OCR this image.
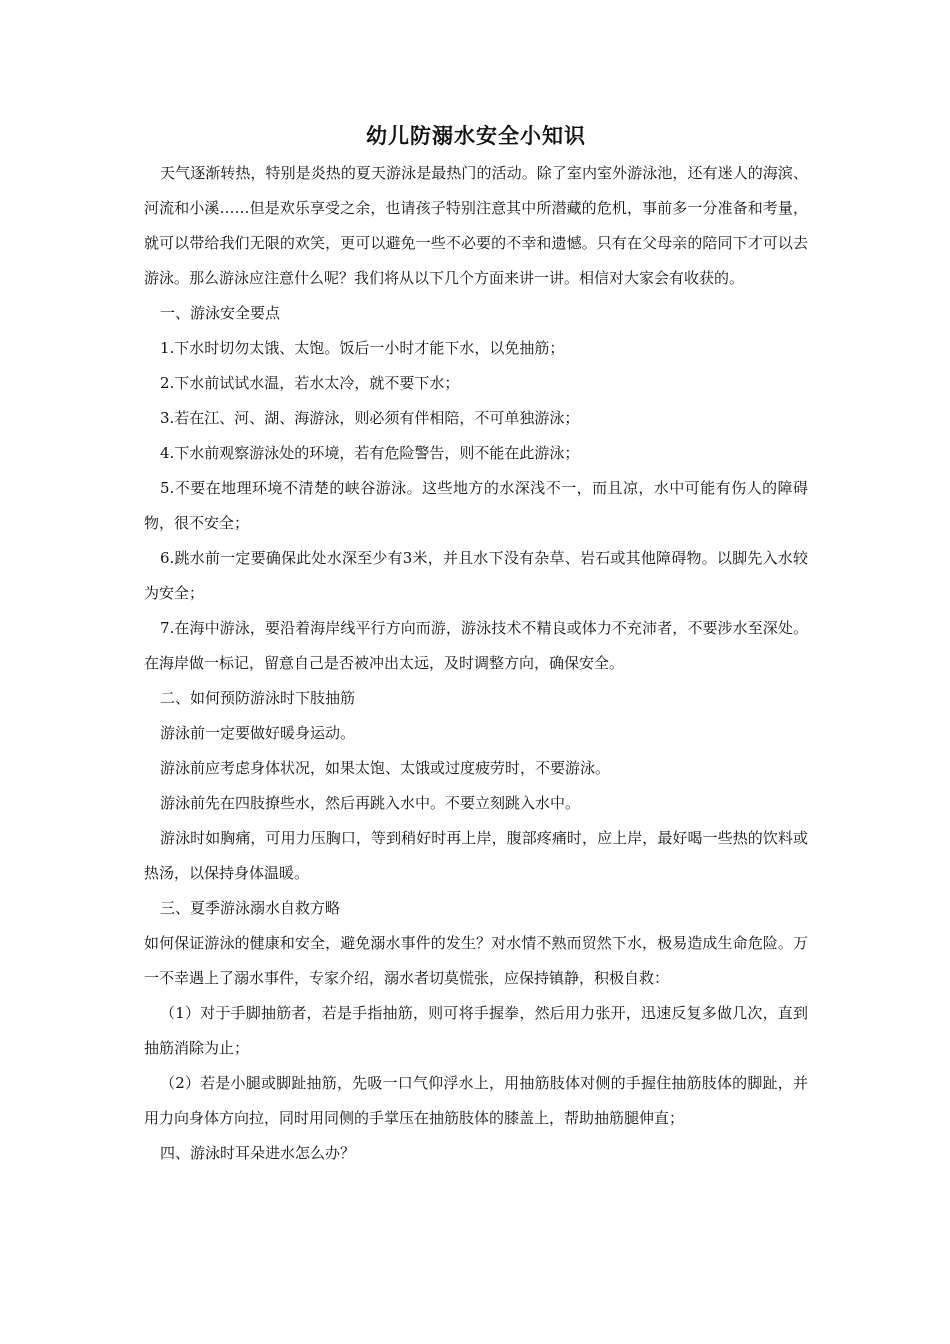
幼儿防溺水安全小知识

天气逐渐转热，特别是炎热的夏天游泳是最热门的活动。除了室内室外游泳池，还有迷人的海滨、河流和小溪……但是欢乐享受之余，也请孩子特别注意其中所潜藏的危机，事前多一分准备和考量，就可以带给我们无限的欢笑，更可以避免一些不必要的不幸和遗憾。只有在父母亲的陪同下才可以去游泳。那么游泳应注意什么呢？我们将从以下几个方面来讲一讲。相信对大家会有收获的。

一、游泳安全要点

1.下水时切勿太饿、太饱。饭后一小时才能下水，以免抽筋；

2.下水前试试水温，若水太冷，就不要下水；

3.若在江、河、湖、海游泳，则必须有伴相陪，不可单独游泳；

4.下水前观察游泳处的环境，若有危险警告，则不能在此游泳；

5.不要在地理环境不清楚的峡谷游泳。这些地方的水深浅不一，而且凉，水中可能有伤人的障碍物，很不安全；

6.跳水前一定要确保此处水深至少有3米，并且水下没有杂草、岩石或其他障碍物。以脚先入水较为安全；

7.在海中游泳，要沿着海岸线平行方向而游，游泳技术不精良或体力不充沛者，不要涉水至深处。在海岸做一标记，留意自己是否被冲出太远，及时调整方向，确保安全。

二、如何预防游泳时下肢抽筋

游泳前一定要做好暖身运动。

游泳前应考虑身体状况，如果太饱、太饿或过度疲劳时，不要游泳。

游泳前先在四肢撩些水，然后再跳入水中。不要立刻跳入水中。

游泳时如胸痛，可用力压胸口，等到稍好时再上岸，腹部疼痛时，应上岸，最好喝一些热的饮料或热汤，以保持身体温暖。

三、夏季游泳溺水自救方略

如何保证游泳的健康和安全，避免溺水事件的发生？对水情不熟而贸然下水，极易造成生命危险。万一不幸遇上了溺水事件，专家介绍，溺水者切莫慌张，应保持镇静，积极自救：

（1）对于手脚抽筋者，若是手指抽筋，则可将手握拳，然后用力张开，迅速反复多做几次，直到抽筋消除为止；

（2）若是小腿或脚趾抽筋，先吸一口气仰浮水上，用抽筋肢体对侧的手握住抽筋肢体的脚趾，并用力向身体方向拉，同时用同侧的手掌压在抽筋肢体的膝盖上，帮助抽筋腿伸直；

四、游泳时耳朵进水怎么办？
